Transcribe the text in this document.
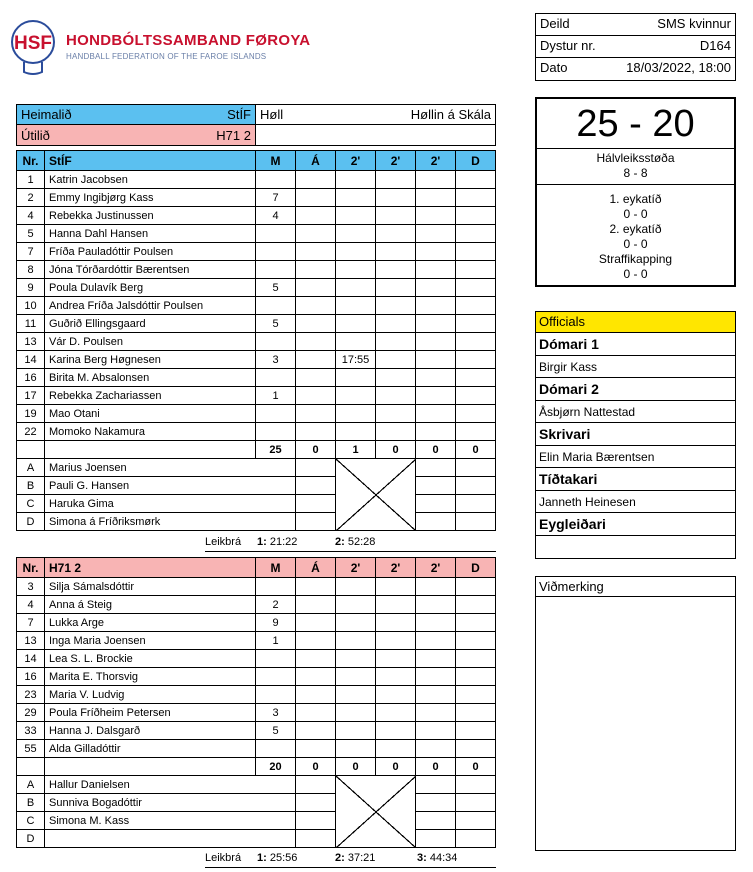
HSF HONDBÓLTSSAMBAND FØROYA
HANDBALL FEDERATION OF THE FAROE ISLANDS
Deild	SMS kvinnur
Dystur nr.	D164
Dato	18/03/2022, 18:00
Heimalið	StÍF Høll	Høllin á Skála
Útilið	H71 2
Nr.	StÍF	M	Á	2'	2'	2'	D
1	Katrin Jacobsen						
2	Emmy Ingibjørg Kass	7					
4	Rebekka Justinussen	4					
5	Hanna Dahl Hansen						
7	Fríða Pauladóttir Poulsen						
8	Jóna Tórðardóttir Bærentsen						
9	Poula Dulavík Berg	5					
10	Andrea Fríða Jalsdóttir Poulsen						
11	Guðrið Ellingsgaard	5					
13	Vár D. Poulsen						
14	Karina Berg Høgnesen	3		17:55			
16	Birita M. Absalonsen						
17	Rebekka Zachariassen	1					
19	Mao Otani						
22	Momoko Nakamura						
		25	0	1	0	0	0
A	Marius Joensen						
B	Pauli G. Hansen						
C	Haruka Gima						
D	Simona á Fríðriksmørk						
Leikbrá 1: 21:22	2: 52:28
Nr.	H71 2	M	Á	2'	2'	2'	D
3	Silja Sámalsdóttir						
4	Anna á Steig	2					
7	Lukka Arge	9					
13	Inga Maria Joensen	1					
14	Lea S. L. Brockie						
16	Marita E. Thorsvig						
23	Maria V. Ludvig						
29	Poula Fríðheim Petersen	3					
33	Hanna J. Dalsgarð	5					
55	Alda Gilladóttir						
		20	0	0	0	0	0
A	Hallur Danielsen						
B	Sunniva Bogadóttir						
C	Simona M. Kass						
D							
Leikbrá 1: 25:56	2: 37:21	3: 44:34
25 - 20
Hálvleiksstøða
8 - 8
1. eykatíð
0 - 0
2. eykatíð
0 - 0
Straffikapping
0 - 0
Officials
Dómari 1
Birgir Kass
Dómari 2
Åsbjørn Nattestad
Skrivari
Elin Maria Bærentsen
Tíðtakari
Janneth Heinesen
Eygleiðari
Viðmerking
